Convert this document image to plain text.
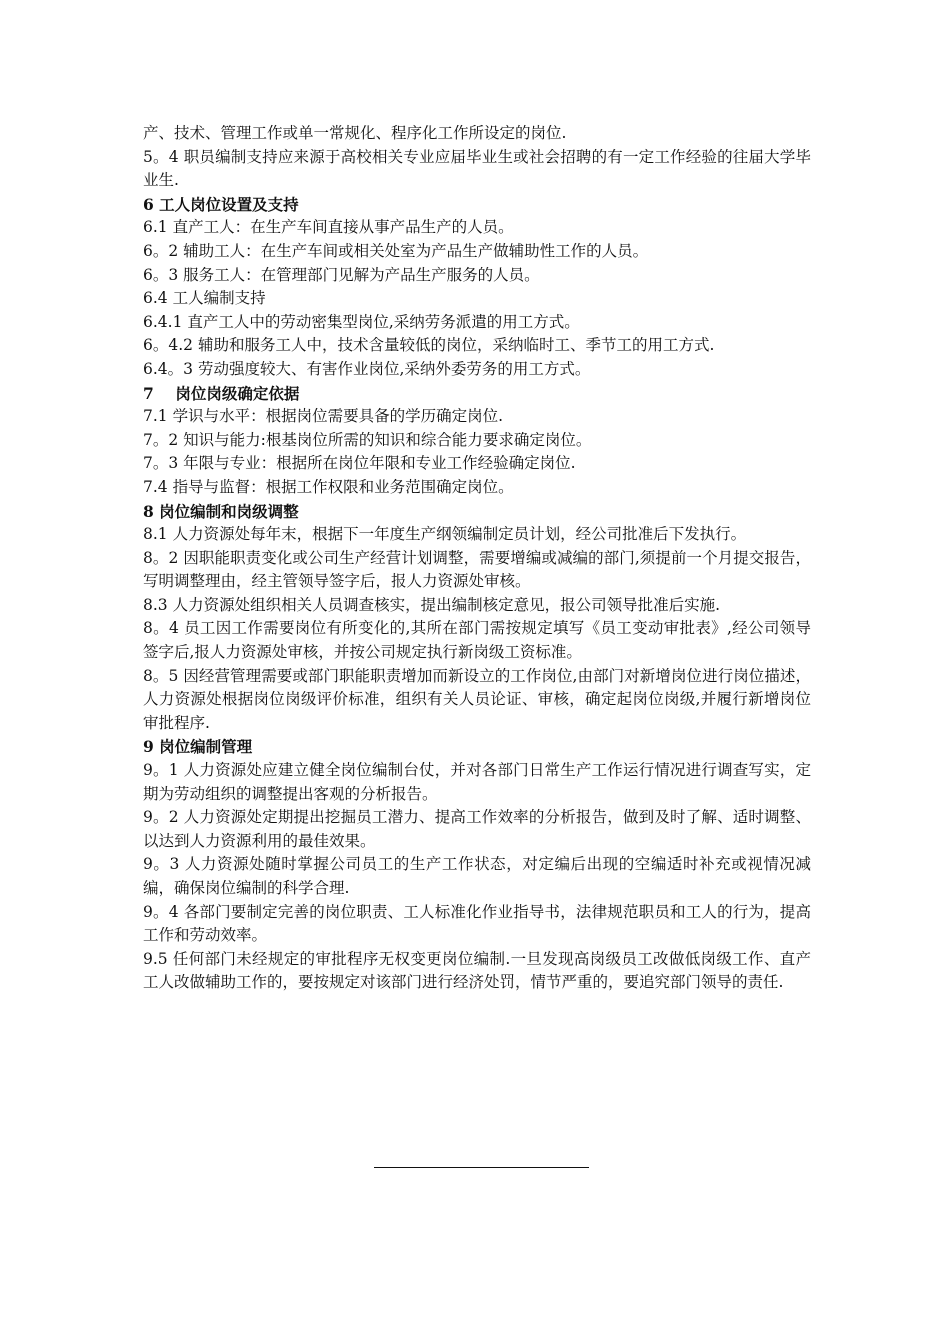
产、技术、管理工作或单一常规化、程序化工作所设定的岗位.

5。4 职员编制支持应来源于高校相关专业应届毕业生或社会招聘的有一定工作经验的往届大学毕业生.

6 工人岗位设置及支持

6.1 直产工人：在生产车间直接从事产品生产的人员。

6。2 辅助工人：在生产车间或相关处室为产品生产做辅助性工作的人员。

6。3 服务工人：在管理部门见解为产品生产服务的人员。

6.4 工人编制支持

6.4.1 直产工人中的劳动密集型岗位,采纳劳务派遣的用工方式。

6。4.2 辅助和服务工人中，技术含量较低的岗位，采纳临时工、季节工的用工方式.

6.4。3 劳动强度较大、有害作业岗位,采纳外委劳务的用工方式。

7    岗位岗级确定依据

7.1 学识与水平：根据岗位需要具备的学历确定岗位.

7。2 知识与能力:根基岗位所需的知识和综合能力要求确定岗位。

7。3 年限与专业：根据所在岗位年限和专业工作经验确定岗位.

7.4 指导与监督：根据工作权限和业务范围确定岗位。

8 岗位编制和岗级调整

8.1 人力资源处每年末，根据下一年度生产纲领编制定员计划，经公司批准后下发执行。

8。2 因职能职责变化或公司生产经营计划调整，需要增编或减编的部门,须提前一个月提交报告，写明调整理由，经主管领导签字后，报人力资源处审核。

8.3 人力资源处组织相关人员调查核实，提出编制核定意见，报公司领导批准后实施.

8。4 员工因工作需要岗位有所变化的,其所在部门需按规定填写《员工变动审批表》,经公司领导签字后,报人力资源处审核，并按公司规定执行新岗级工资标准。

8。5 因经营管理需要或部门职能职责增加而新设立的工作岗位,由部门对新增岗位进行岗位描述，人力资源处根据岗位岗级评价标准，组织有关人员论证、审核，确定起岗位岗级,并履行新增岗位审批程序.

9 岗位编制管理

9。1 人力资源处应建立健全岗位编制台仗，并对各部门日常生产工作运行情况进行调查写实，定期为劳动组织的调整提出客观的分析报告。

9。2 人力资源处定期提出挖掘员工潜力、提高工作效率的分析报告，做到及时了解、适时调整、以达到人力资源利用的最佳效果。

9。3 人力资源处随时掌握公司员工的生产工作状态，对定编后出现的空编适时补充或视情况减编，确保岗位编制的科学合理.

9。4 各部门要制定完善的岗位职责、工人标准化作业指导书，法律规范职员和工人的行为，提高工作和劳动效率。

9.5 任何部门未经规定的审批程序无权变更岗位编制.一旦发现高岗级员工改做低岗级工作、直产工人改做辅助工作的，要按规定对该部门进行经济处罚，情节严重的，要追究部门领导的责任.
